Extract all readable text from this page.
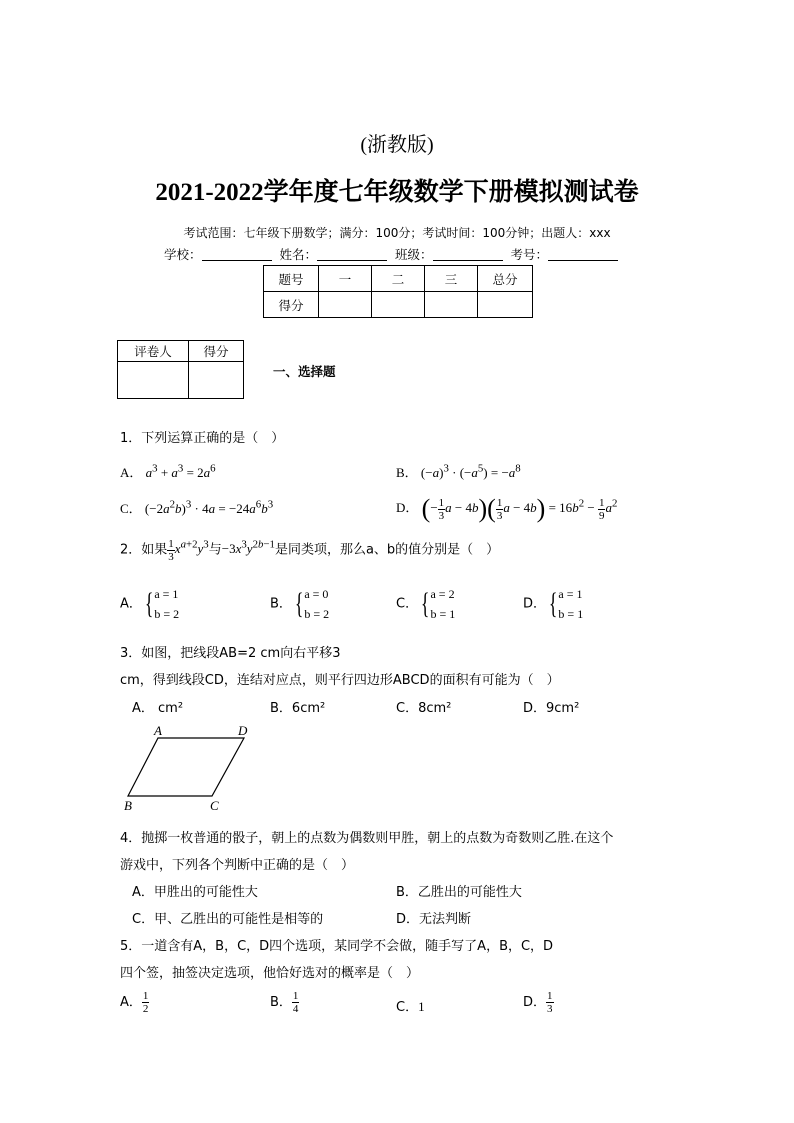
(浙教版)
2021-2022学年度七年级数学下册模拟测试卷
考试范围：七年级下册数学；满分：100分；考试时间：100分钟；出题人：xxx
学校：	姓名：	班级：	考号：
题号	一	二	三	总分
得分				
评卷人	得分

一、选择题
1．下列运算正确的是（　）
A． $a^3 + a^3 = 2a^6$	B． $(-a)^3 \cdot (-a^5) = -a^8$
C． $(-2a^2b)^3 \cdot 4a = -24a^6b^3$	D． (− $\frac{1}{3}$ $a - 4b)( \frac{1}{3}$ $a - 4b) = 16b^2 - \frac{1}{9} a^2$
2．如果 $\frac{1}{3} x^{a+2}y^3$与$-3x^3y^{2b-1}$是同类项，那么a、b的值分别是（　）
A．{ a = 1
b = 2
B．{ a = 0
b = 2
C．{ a = 2
b = 1
D．{ a = 1
b = 1
3．如图，把线段AB=2 cm向右平移3
cm，得到线段CD，连结对应点，则平行四边形ABCD的面积有可能为（　）
A． cm²	B．6cm²	C．8cm²	D．9cm²
A	D
B	C
4．抛掷一枚普通的骰子，朝上的点数为偶数则甲胜，朝上的点数为奇数则乙胜.在这个
游戏中，下列各个判断中正确的是（　）
A．甲胜出的可能性大	B．乙胜出的可能性大
C．甲、乙胜出的可能性是相等的	D．无法判断
5．一道含有A，B，C，D四个选项，某同学不会做，随手写了A，B，C，D
四个签，抽签决定选项，他恰好选对的概率是（　）
A． $\frac{1}{2}$	B． $\frac{1}{4}$	C．1	D． $\frac{1}{3}$
